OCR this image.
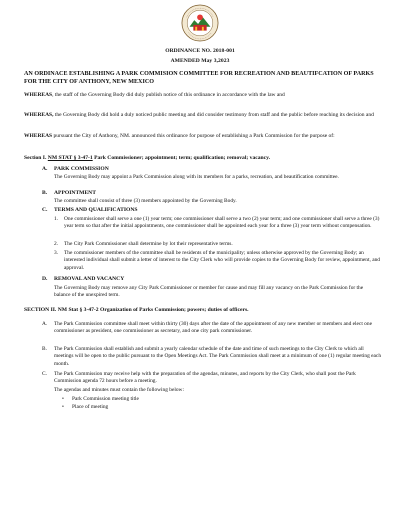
ORDINANCE NO. 2018-001
AMENDED May 3,2023
AN ORDINACE ESTABLISHING A PARK COMMISION COMMITTEE FOR RECREATION AND BEAUTIFCATION OF PARKS FOR THE CITY OF ANTHONY, NEW MEXICO
WHEREAS, the staff of the Governing Body did duly publish notice of this ordinance in accordance with the law and
WHEREAS, the Governing Body did hold a duly noticed public meeting and did consider testimony from staff and the public before reaching its decision and
WHEREAS pursuant the City of Anthony, NM. announced this ordinance for purpose of establishing a Park Commission for the purpose of:
Section I. NM STAT § 3-47-1 Park Commissioner; appointment; term; qualification; removal; vacancy.
A. PARK COMMISSION
The Governing Body may appoint a Park Commission along with its members for a parks, recreation, and beautification committee.
B. APPOINTMENT
The committee shall consist of three (3) members appointed by the Governing Body.
C. TERMS AND QUALIFICATIONS
1. One commissioner shall serve a one (1) year term; one commissioner shall serve a two (2) year term; and one commissioner shall serve a three (3) year term so that after the initial appointments, one commissioner shall be appointed each year for a three (3) year term without compensation.
2. The City Park Commissioner shall determine by lot their representative terms.
3. The commissioner members of the committee shall be residents of the municipality; unless otherwise approved by the Governing Body; an interested individual shall submit a letter of interest to the City Clerk who will provide copies to the Governing Body for review, appointment, and approval.
D. REMOVAL AND VACANCY
The Governing Body may remove any City Park Commissioner or member for cause and may fill any vacancy on the Park Commission for the balance of the unexpired term.
SECTION II. NM Stat § 3-47-2 Organization of Parks Commission; powers; duties of officers.
A. The Park Commission committee shall meet within thirty (30) days after the date of the appointment of any new member or members and elect one commissioner as president, one commissioner as secretary, and one city park commissioner.
B. The Park Commission shall establish and submit a yearly calendar schedule of the date and time of such meetings to the City Clerk to which all meetings will be open to the public pursuant to the Open Meetings Act. The Park Commission shall meet at a minimum of one (1) regular meeting each month.
C. The Park Commission may receive help with the preparation of the agendas, minutes, and reports by the City Clerk, who shall post the Park Commission agenda 72 hours before a meeting.
The agendas and minutes must contain the following below:
• Park Commission meeting title
• Place of meeting
